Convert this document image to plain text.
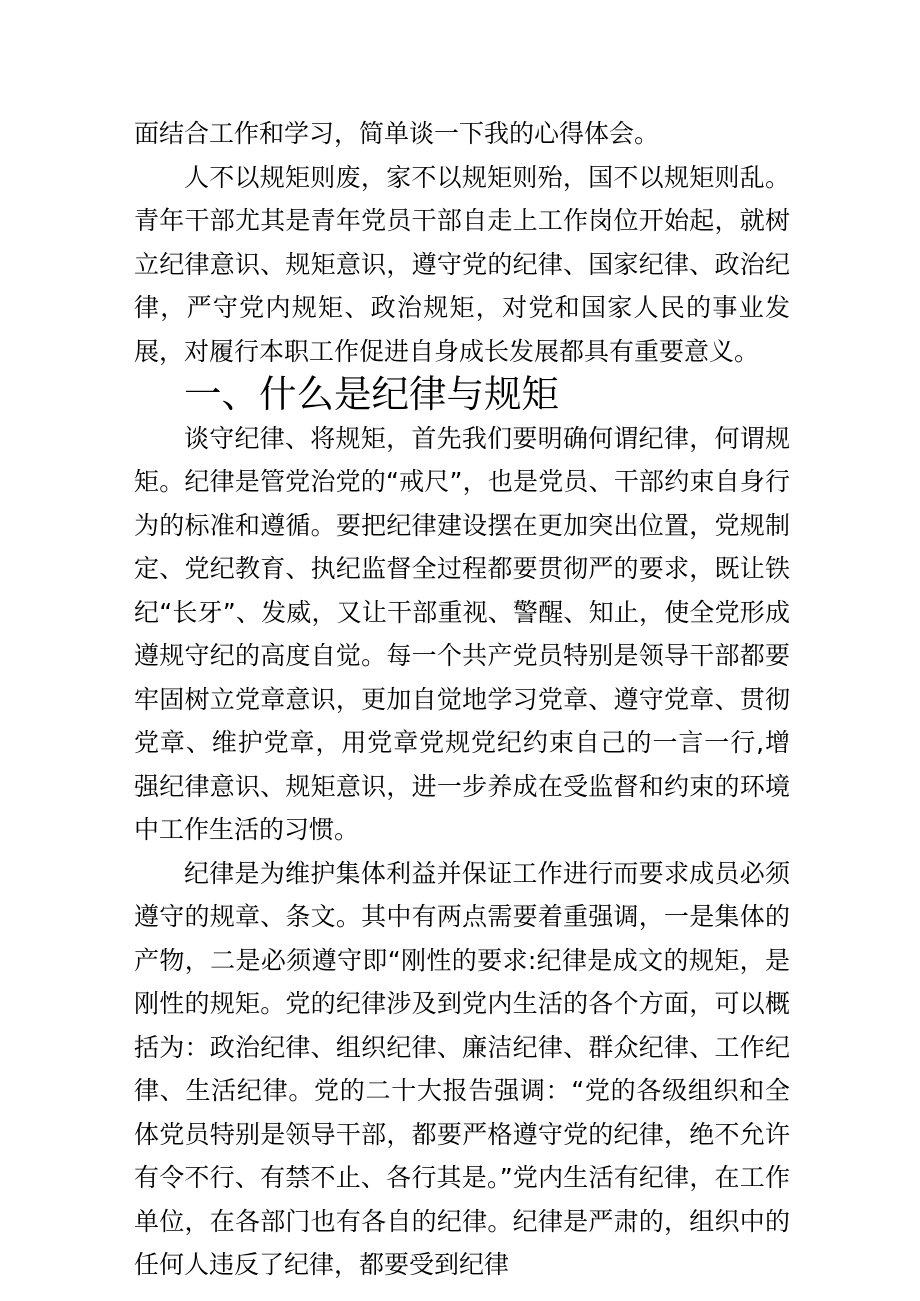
面结合工作和学习，简单谈一下我的心得体会。

人不以规矩则废，家不以规矩则殆，国不以规矩则乱。青年干部尤其是青年党员干部自走上工作岗位开始起，就树立纪律意识、规矩意识，遵守党的纪律、国家纪律、政治纪律，严守党内规矩、政治规矩，对党和国家人民的事业发展，对履行本职工作促进自身成长发展都具有重要意义。

一、什么是纪律与规矩

谈守纪律、将规矩，首先我们要明确何谓纪律，何谓规矩。纪律是管党治党的“戒尺”，也是党员、干部约束自身行为的标准和遵循。要把纪律建设摆在更加突出位置，党规制定、党纪教育、执纪监督全过程都要贯彻严的要求，既让铁纪“长牙”、发威，又让干部重视、警醒、知止，使全党形成遵规守纪的高度自觉。每一个共产党员特别是领导干部都要牢固树立党章意识，更加自觉地学习党章、遵守党章、贯彻党章、维护党章，用党章党规党纪约束自己的一言一行,增强纪律意识、规矩意识，进一步养成在受监督和约束的环境中工作生活的习惯。

纪律是为维护集体利益并保证工作进行而要求成员必须遵守的规章、条文。其中有两点需要着重强调，一是集体的产物，二是必须遵守即“刚性的要求:纪律是成文的规矩，是刚性的规矩。党的纪律涉及到党内生活的各个方面，可以概括为：政治纪律、组织纪律、廉洁纪律、群众纪律、工作纪律、生活纪律。党的二十大报告强调：“党的各级组织和全体党员特别是领导干部，都要严格遵守党的纪律，绝不允许有令不行、有禁不止、各行其是。”党内生活有纪律，在工作单位，在各部门也有各自的纪律。纪律是严肃的，组织中的任何人违反了纪律，都要受到纪律
